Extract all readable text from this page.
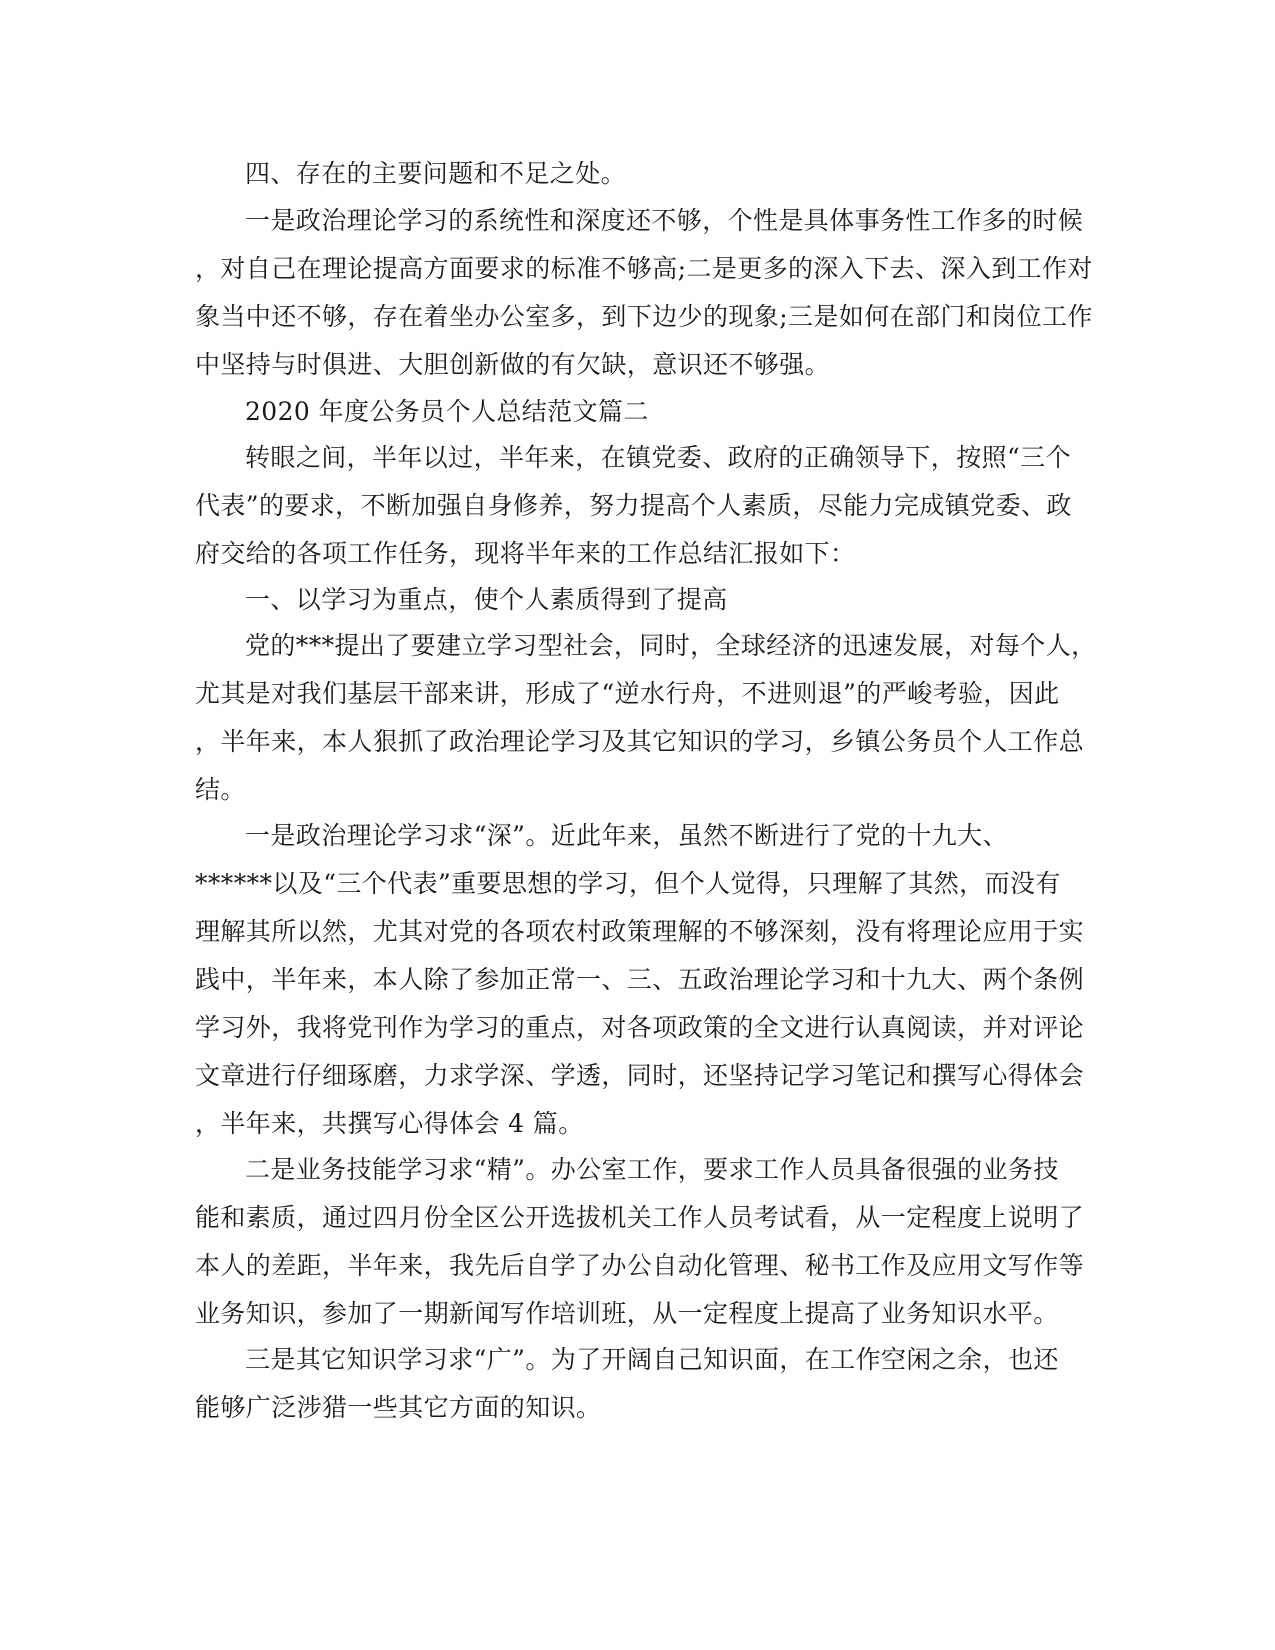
四、存在的主要问题和不足之处。
一是政治理论学习的系统性和深度还不够，个性是具体事务性工作多的时候
，对自己在理论提高方面要求的标准不够高;二是更多的深入下去、深入到工作对
象当中还不够，存在着坐办公室多，到下边少的现象;三是如何在部门和岗位工作
中坚持与时俱进、大胆创新做的有欠缺，意识还不够强。
2020 年度公务员个人总结范文篇二
转眼之间，半年以过，半年来，在镇党委、政府的正确领导下，按照“三个
代表”的要求，不断加强自身修养，努力提高个人素质，尽能力完成镇党委、政
府交给的各项工作任务，现将半年来的工作总结汇报如下：
一、以学习为重点，使个人素质得到了提高
党的***提出了要建立学习型社会，同时，全球经济的迅速发展，对每个人，
尤其是对我们基层干部来讲，形成了“逆水行舟，不进则退”的严峻考验，因此
，半年来，本人狠抓了政治理论学习及其它知识的学习，乡镇公务员个人工作总
结。
一是政治理论学习求“深”。近此年来，虽然不断进行了党的十九大、
******以及“三个代表”重要思想的学习，但个人觉得，只理解了其然，而没有
理解其所以然，尤其对党的各项农村政策理解的不够深刻，没有将理论应用于实
践中，半年来，本人除了参加正常一、三、五政治理论学习和十九大、两个条例
学习外，我将党刊作为学习的重点，对各项政策的全文进行认真阅读，并对评论
文章进行仔细琢磨，力求学深、学透，同时，还坚持记学习笔记和撰写心得体会
，半年来，共撰写心得体会 4 篇。
二是业务技能学习求“精”。办公室工作，要求工作人员具备很强的业务技
能和素质，通过四月份全区公开选拔机关工作人员考试看，从一定程度上说明了
本人的差距，半年来，我先后自学了办公自动化管理、秘书工作及应用文写作等
业务知识，参加了一期新闻写作培训班，从一定程度上提高了业务知识水平。
三是其它知识学习求“广”。为了开阔自己知识面，在工作空闲之余，也还
能够广泛涉猎一些其它方面的知识。
